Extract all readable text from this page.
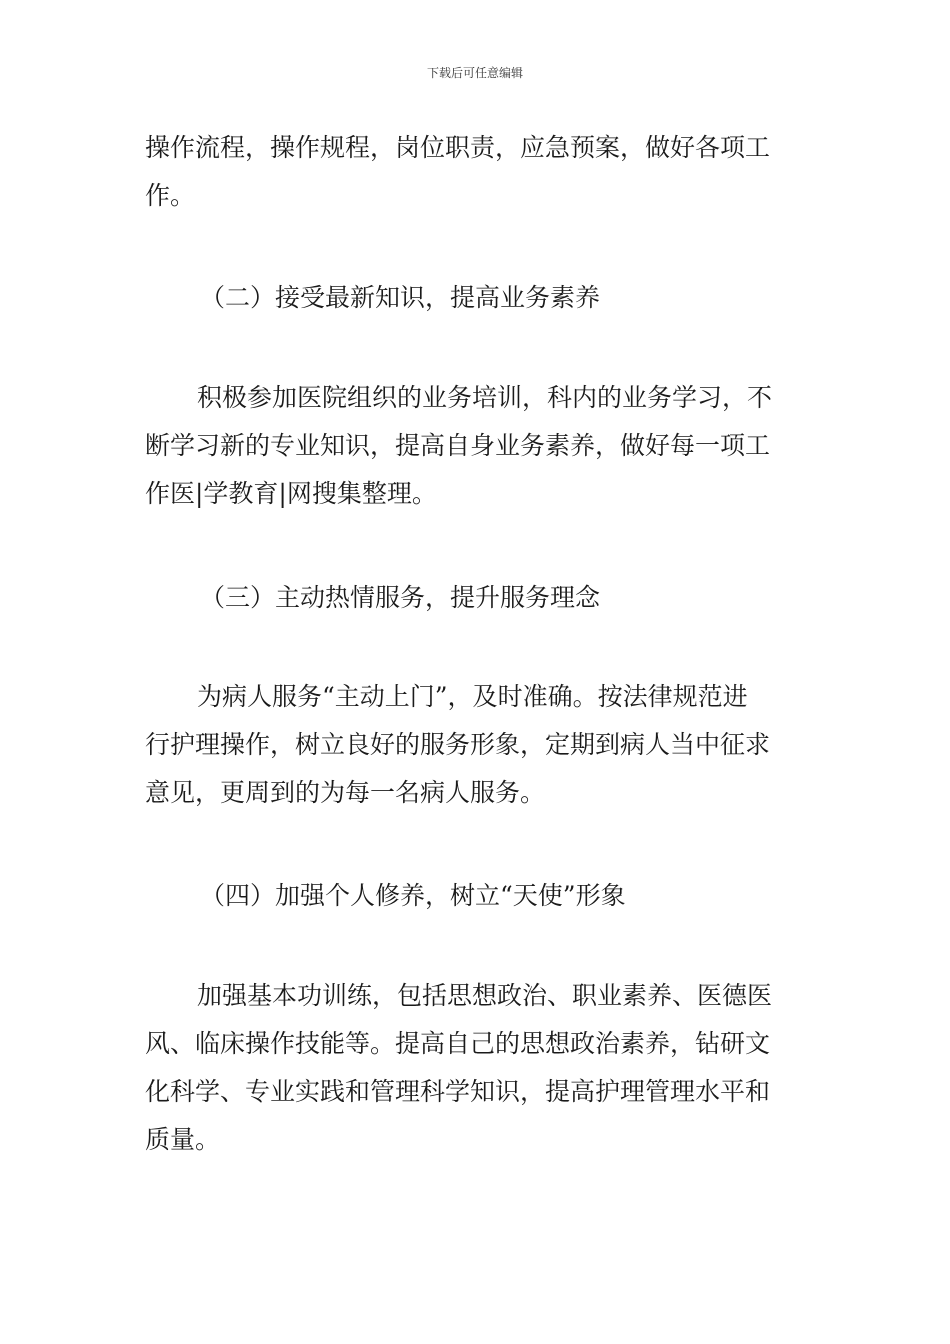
下载后可任意编辑
操作流程，操作规程，岗位职责，应急预案，做好各项工
作。
（二）接受最新知识，提高业务素养
积极参加医院组织的业务培训，科内的业务学习，不
断学习新的专业知识，提高自身业务素养，做好每一项工
作医|学教育|网搜集整理。
（三）主动热情服务，提升服务理念
为病人服务“主动上门”，及时准确。按法律规范进
行护理操作，树立良好的服务形象，定期到病人当中征求
意见，更周到的为每一名病人服务。
（四）加强个人修养，树立“天使”形象
加强基本功训练，包括思想政治、职业素养、医德医
风、临床操作技能等。提高自己的思想政治素养，钻研文
化科学、专业实践和管理科学知识，提高护理管理水平和
质量。
